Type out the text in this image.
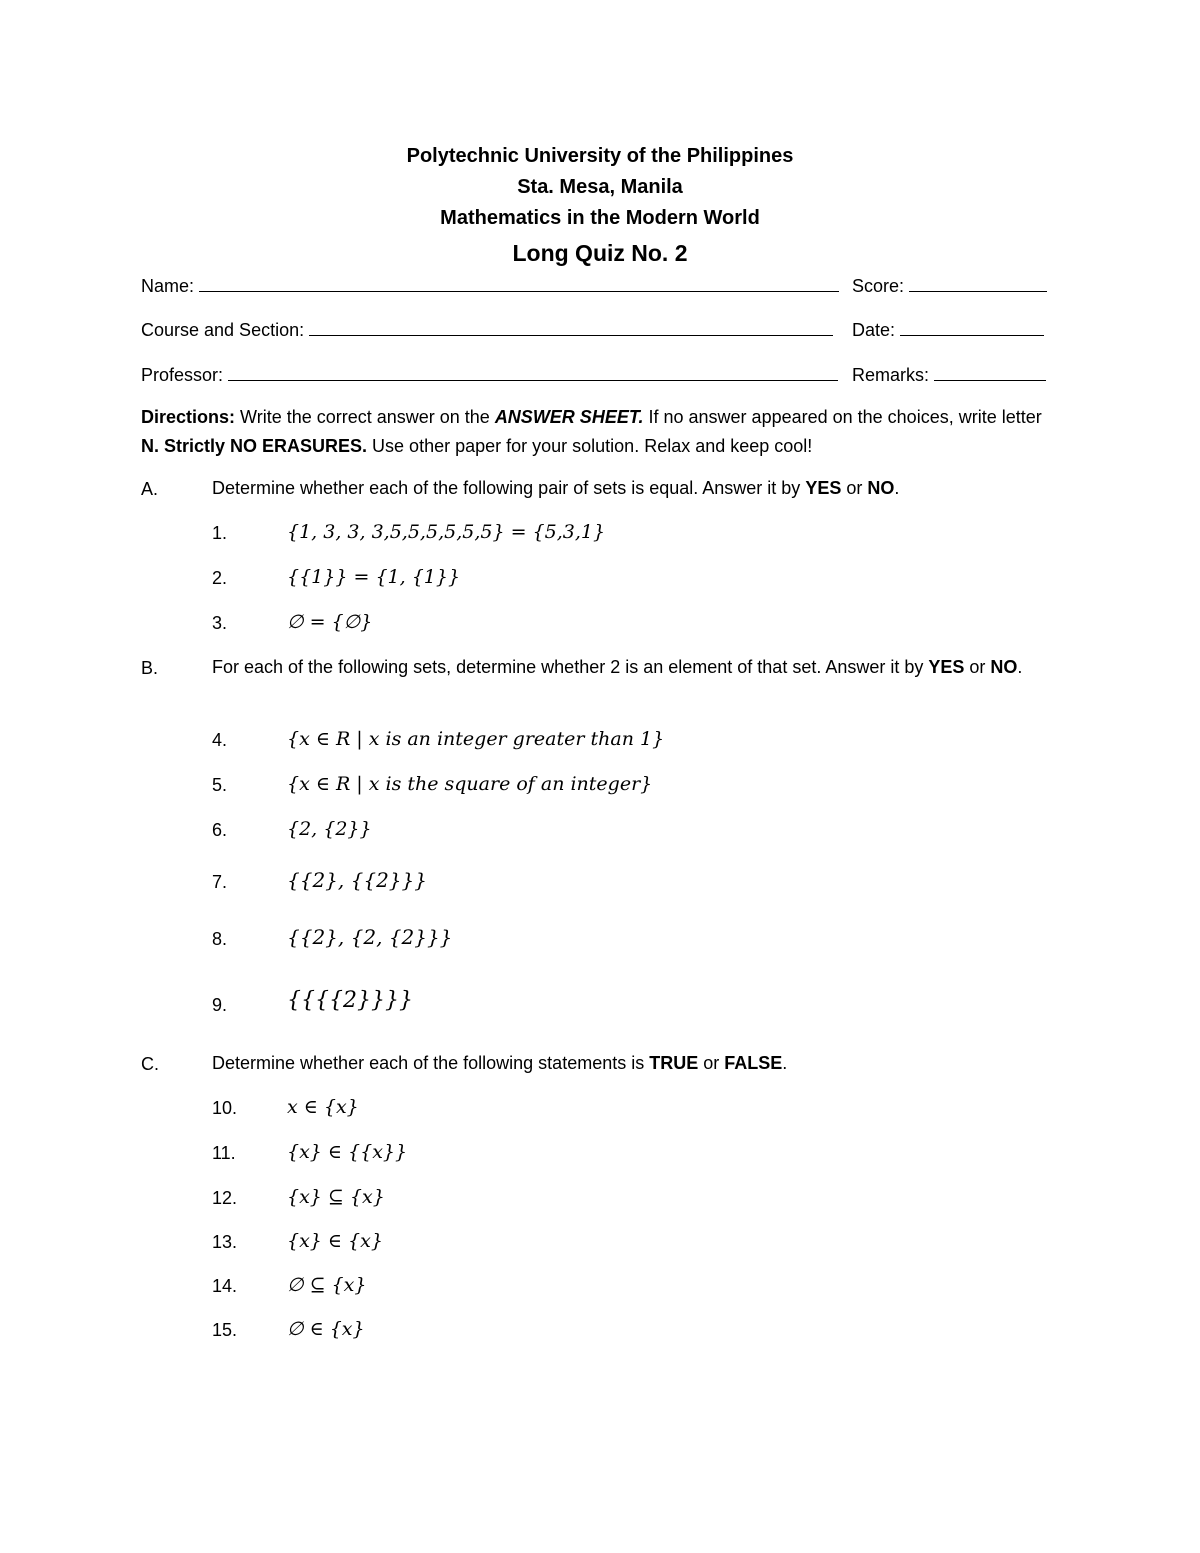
Polytechnic University of the Philippines
Sta. Mesa, Manila
Mathematics in the Modern World
Long Quiz No. 2
Name:	Score:
Course and Section:	Date:
Professor:	Remarks:
Directions: Write the correct answer on the ANSWER SHEET. If no answer appeared on the choices, write letter N. Strictly NO ERASURES. Use other paper for your solution. Relax and keep cool!
A.	Determine whether each of the following pair of sets is equal. Answer it by YES or NO.
1.	{1, 3, 3, 3,5,5,5,5,5,5} = {5,3,1}
2.	{{1}} = {1, {1}}
3.	∅ = {∅}
B.	For each of the following sets, determine whether 2 is an element of that set. Answer it by YES or NO.
4.	{x ∈ R | x is an integer greater than 1}
5.	{x ∈ R | x is the square of an integer}
6.	{2, {2}}
7.	{{2}, {{2}}}
8.	{{2}, {2, {2}}}
9.	{{{{2}}}}
C.	Determine whether each of the following statements is TRUE or FALSE.
10.	x ∈ {x}
11.	{x} ∈ {{x}}
12.	{x} ⊆ {x}
13.	{x} ∈ {x}
14.	∅ ⊆ {x}
15.	∅ ∈ {x}
